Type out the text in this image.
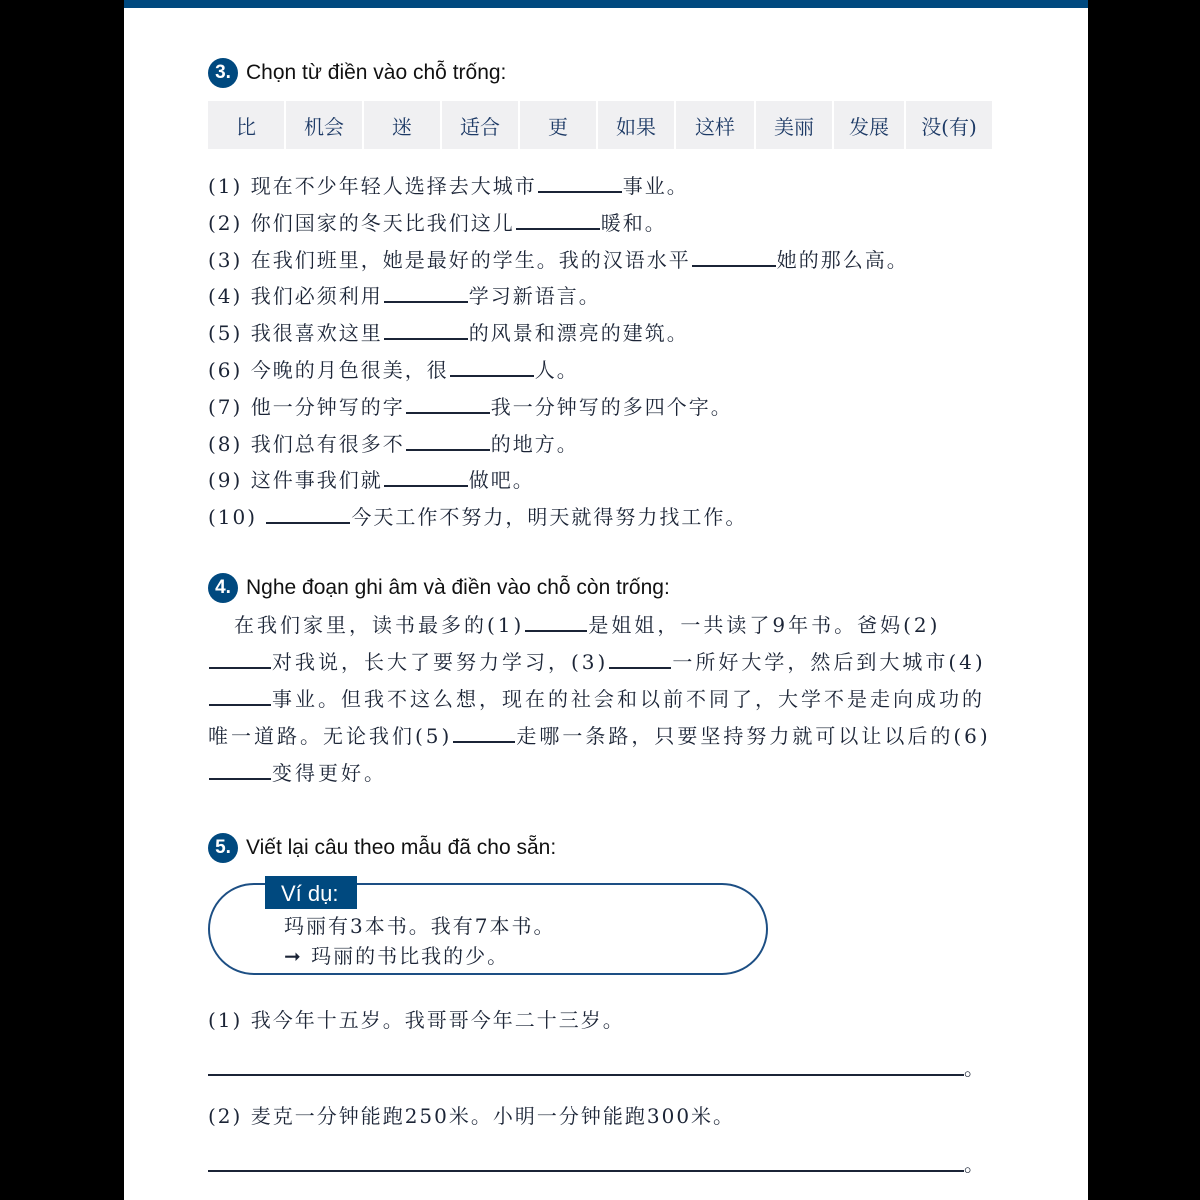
3. Chọn từ điền vào chỗ trống:
比	机会	迷	适合	更	如果	这样	美丽	发展	没(有)
(1) 现在不少年轻人选择去大城市	事业。
(2) 你们国家的冬天比我们这儿	暖和。
(3) 在我们班里，她是最好的学生。我的汉语水平	她的那么高。
(4) 我们必须利用	学习新语言。
(5) 我很喜欢这里	的风景和漂亮的建筑。
(6) 今晚的月色很美，很	人。
(7) 他一分钟写的字	我一分钟写的多四个字。
(8) 我们总有很多不	的地方。
(9) 这件事我们就	做吧。
(10)	今天工作不努力，明天就得努力找工作。
4. Nghe đoạn ghi âm và điền vào chỗ còn trống:
在我们家里，读书最多的(1)	是姐姐，一共读了9年书。爸妈(2)对我说，长大了要努力学习，(3)	一所好大学，然后到大城市(4)事业。但我不这么想，现在的社会和以前不同了，大学不是走向成功的唯一道路。无论我们(5)	走哪一条路，只要坚持努力就可以让以后的(6)变得更好。
5. Viết lại câu theo mẫu đã cho sẵn:
Ví dụ:
玛丽有3本书。我有7本书。
➞ 玛丽的书比我的少。
(1) 我今年十五岁。我哥哥今年二十三岁。
。
(2) 麦克一分钟能跑250米。小明一分钟能跑300米。
。
